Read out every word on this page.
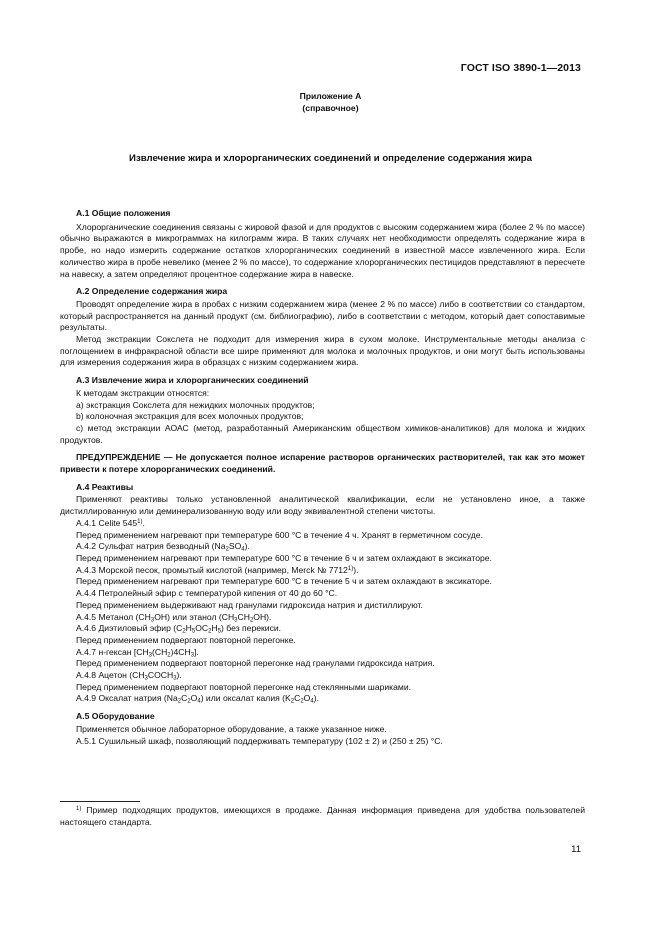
ГОСТ ISO 3890-1—2013
Приложение А
(справочное)
Извлечение жира и хлорорганических соединений и определение содержания жира

А.1 Общие положения

Хлорорганические соединения связаны с жировой фазой и для продуктов с высоким содержанием жира (более 2 % по массе) обычно выражаются в микрограммах на килограмм жира. В таких случаях нет необходимости определять содержание жира в пробе, но надо измерить содержание остатков хлорорганических соединений в известной массе извлеченного жира. Если количество жира в пробе невелико (менее 2 % по массе), то содержание хлорорганических пестицидов представляют в пересчете на навеску, а затем определяют процентное содержание жира в навеске.

А.2 Определение содержания жира

Проводят определение жира в пробах с низким содержанием жира (менее 2 % по массе) либо в соответствии со стандартом, который распространяется на данный продукт (см. библиографию), либо в соответствии с методом, который дает сопоставимые результаты.

Метод экстракции Сокслета не подходит для измерения жира в сухом молоке. Инструментальные методы анализа с поглощением в инфракрасной области все шире применяют для молока и молочных продуктов, и они могут быть использованы для измерения содержания жира в образцах с низким содержанием жира.

А.3 Извлечение жира и хлорорганических соединений

К методам экстракции относятся:

a) экстракция Сокслета для нежидких молочных продуктов;

b) колоночная экстракция для всех молочных продуктов;

c) метод экстракции АОАС (метод, разработанный Американским обществом химиков-аналитиков) для молока и жидких продуктов.

ПРЕДУПРЕЖДЕНИЕ — Не допускается полное испарение растворов органических растворителей, так как это может привести к потере хлорорганических соединений.

А.4 Реактивы

Применяют реактивы только установленной аналитической квалификации, если не установлено иное, а также дистиллированную или деминерализованную воду или воду эквивалентной степени чистоты.

А.4.1 Celite 545$^{1)}$.

Перед применением нагревают при температуре 600 °С в течение 4 ч. Хранят в герметичном сосуде.

А.4.2 Сульфат натрия безводный $(Na_2SO_4)$.

Перед применением нагревают при температуре 600 °С в течение 6 ч и затем охлаждают в эксикаторе.

А.4.3 Морской песок, промытый кислотой (например, Merck № 7712$^{1)}$).

Перед применением нагревают при температуре 600 °С в течение 5 ч и затем охлаждают в эксикаторе.

А.4.4 Петролейный эфир с температурой кипения от 40 до 60 °С.

Перед применением выдерживают над гранулами гидроксида натрия и дистиллируют.

А.4.5 Метанол $(CH_3OH)$ или этанол $(CH_3CH_2OH)$.

А.4.6 Диэтиловый эфир $(C_2H_5OC_2H_5)$ без перекиси.

Перед применением подвергают повторной перегонке.

А.4.7 н-гексан $[CH_3(CH_2)4CH_3]$.

Перед применением подвергают повторной перегонке над гранулами гидроксида натрия.

А.4.8 Ацетон $(CH_3COCH_3)$.

Перед применением подвергают повторной перегонке над стеклянными шариками.

А.4.9 Оксалат натрия $(Na_2C_2O_4)$ или оксалат калия $(K_2C_2O_4)$.

А.5 Оборудование

Применяется обычное лабораторное оборудование, а также указанное ниже.

А.5.1 Сушильный шкаф, позволяющий поддерживать температуру (102 ± 2) и (250 ± 25) °С.

$^{1)}$ Пример подходящих продуктов, имеющихся в продаже. Данная информация приведена для удобства пользователей настоящего стандарта.
11
